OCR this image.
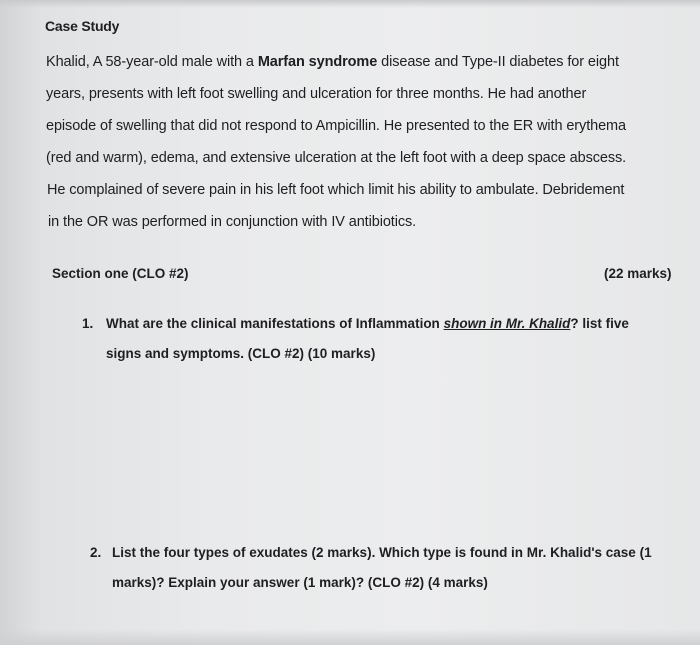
Case Study
Khalid, A 58-year-old male with a Marfan syndrome disease and Type-II diabetes for eight
years, presents with left foot swelling and ulceration for three months. He had another
episode of swelling that did not respond to Ampicillin. He presented to the ER with erythema
(red and warm), edema, and extensive ulceration at the left foot with a deep space abscess.
He complained of severe pain in his left foot which limit his ability to ambulate. Debridement
in the OR was performed in conjunction with IV antibiotics.
Section one (CLO #2)	(22 marks)
1. What are the clinical manifestations of Inflammation shown in Mr. Khalid? list five
signs and symptoms. (CLO #2) (10 marks)
2. List the four types of exudates (2 marks). Which type is found in Mr. Khalid's case (1
marks)? Explain your answer (1 mark)? (CLO #2) (4 marks)
